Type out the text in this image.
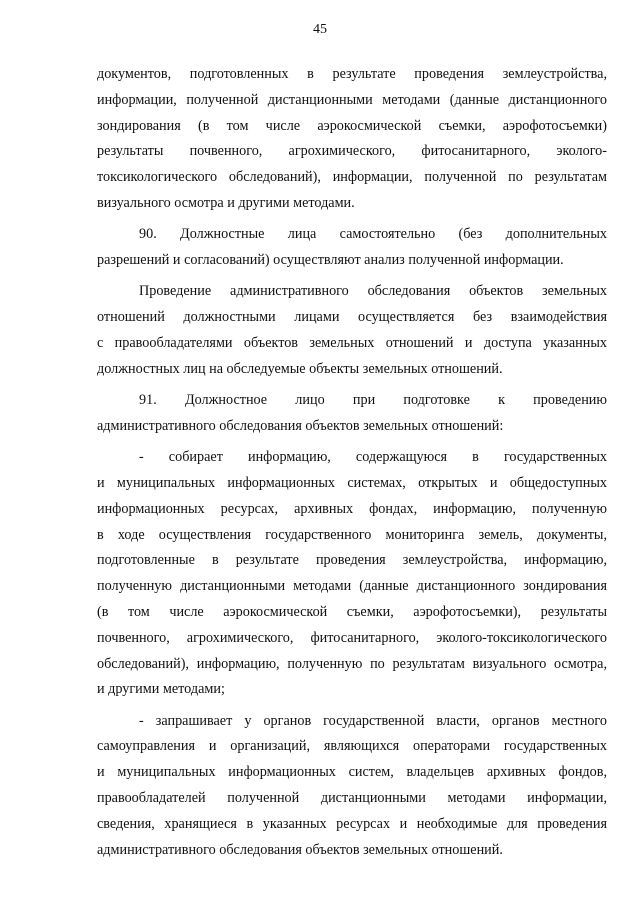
45
документов, подготовленных в результате проведения землеустройства,
информации, полученной дистанционными методами (данные дистанционного
зондирования (в том числе аэрокосмической съемки, аэрофотосъемки)
результаты почвенного, агрохимического, фитосанитарного, эколого-
токсикологического обследований), информации, полученной по результатам
визуального осмотра и другими методами.
90. Должностные лица самостоятельно (без дополнительных
разрешений и согласований) осуществляют анализ полученной информации.
Проведение административного обследования объектов земельных
отношений должностными лицами осуществляется без взаимодействия
с правообладателями объектов земельных отношений и доступа указанных
должностных лиц на обследуемые объекты земельных отношений.
91. Должностное лицо при подготовке к проведению
административного обследования объектов земельных отношений:
- собирает информацию, содержащуюся в государственных
и муниципальных информационных системах, открытых и общедоступных
информационных ресурсах, архивных фондах, информацию, полученную
в ходе осуществления государственного мониторинга земель, документы,
подготовленные в результате проведения землеустройства, информацию,
полученную дистанционными методами (данные дистанционного зондирования
(в том числе аэрокосмической съемки, аэрофотосъемки), результаты
почвенного, агрохимического, фитосанитарного, эколого-токсикологического
обследований), информацию, полученную по результатам визуального осмотра,
и другими методами;
- запрашивает у органов государственной власти, органов местного
самоуправления и организаций, являющихся операторами государственных
и муниципальных информационных систем, владельцев архивных фондов,
правообладателей полученной дистанционными методами информации,
сведения, хранящиеся в указанных ресурсах и необходимые для проведения
административного обследования объектов земельных отношений.
